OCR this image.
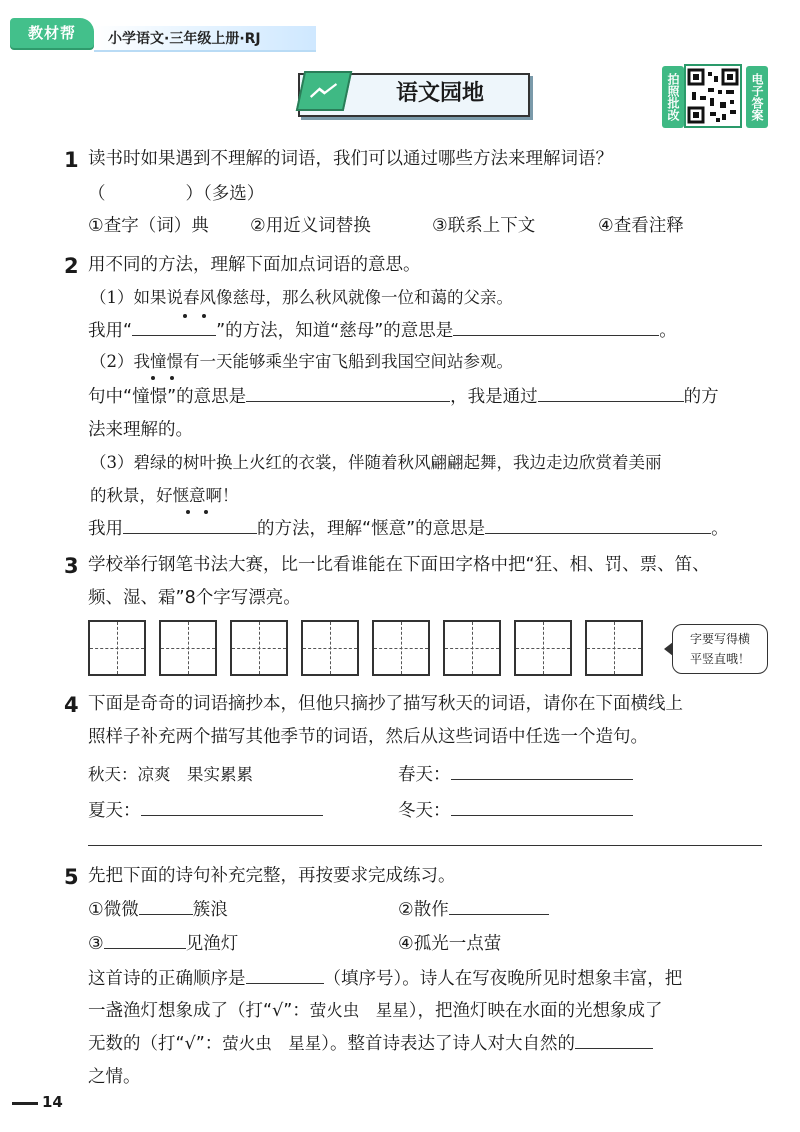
教材帮	小学语文·三年级上册·RJ
语文园地	拍照批改	电子答案
1 读书时如果遇到不理解的词语，我们可以通过哪些方法来理解词语？
（	）（多选）
①查字（词）典 ②用近义词替换	③联系上下文	④查看注释
2 用不同的方法，理解下面加点词语的意思。
（1）如果说春风像慈母，那么秋风就像一位和蔼的父亲。
我用“	”的方法，知道“慈母”的意思是	。
（2）我憧憬有一天能够乘坐宇宙飞船到我国空间站参观。
句中“憧憬”的意思是	，我是通过	的方
法来理解的。
（3）碧绿的树叶换上火红的衣裳，伴随着秋风翩翩起舞，我边走边欣赏着美丽
的秋景，好惬意啊！
我用	的方法，理解“惬意”的意思是	。
3 学校举行钢笔书法大赛，比一比看谁能在下面田字格中把“狂、相、罚、票、笛、
频、湿、霜”8个字写漂亮。
字要写得横
平竖直哦！
4 下面是奇奇的词语摘抄本，但他只摘抄了描写秋天的词语，请你在下面横线上
照样子补充两个描写其他季节的词语，然后从这些词语中任选一个造句。
秋天：凉爽　果实累累	春天：
夏天：	冬天：
5 先把下面的诗句补充完整，再按要求完成练习。
①微微	簇浪	②散作
③	见渔灯	④孤光一点萤
这首诗的正确顺序是	（填序号）。诗人在写夜晚所见时想象丰富，把
一盏渔灯想象成了（打“√”：萤火虫　星星），把渔灯映在水面的光想象成了
无数的（打“√”：萤火虫　星星）。整首诗表达了诗人对大自然的
之情。
14
